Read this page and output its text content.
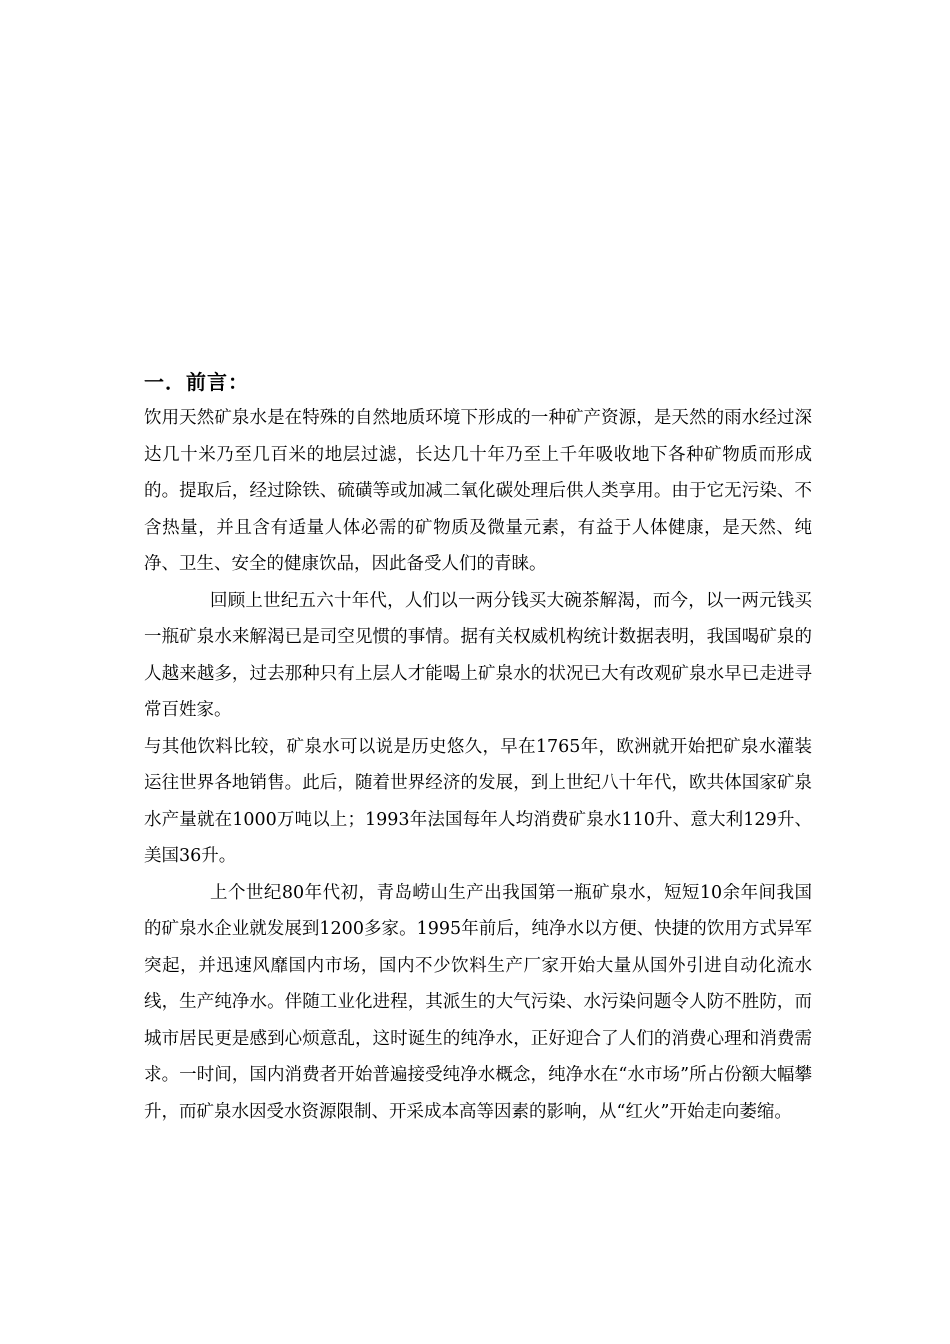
一．前言：

饮用天然矿泉水是在特殊的自然地质环境下形成的一种矿产资源，是天然的雨水经过深达几十米乃至几百米的地层过滤，长达几十年乃至上千年吸收地下各种矿物质而形成的。提取后，经过除铁、硫磺等或加减二氧化碳处理后供人类享用。由于它无污染、不含热量，并且含有适量人体必需的矿物质及微量元素，有益于人体健康，是天然、纯净、卫生、安全的健康饮品，因此备受人们的青睐。

回顾上世纪五六十年代，人们以一两分钱买大碗茶解渴，而今，以一两元钱买一瓶矿泉水来解渴已是司空见惯的事情。据有关权威机构统计数据表明，我国喝矿泉的人越来越多，过去那种只有上层人才能喝上矿泉水的状况已大有改观矿泉水早已走进寻常百姓家。

与其他饮料比较，矿泉水可以说是历史悠久，早在1765年，欧洲就开始把矿泉水灌装运往世界各地销售。此后，随着世界经济的发展，到上世纪八十年代，欧共体国家矿泉水产量就在1000万吨以上；1993年法国每年人均消费矿泉水110升、意大利129升、美国36升。

上个世纪80年代初，青岛崂山生产出我国第一瓶矿泉水，短短10余年间我国的矿泉水企业就发展到1200多家。1995年前后，纯净水以方便、快捷的饮用方式异军突起，并迅速风靡国内市场，国内不少饮料生产厂家开始大量从国外引进自动化流水线，生产纯净水。伴随工业化进程，其派生的大气污染、水污染问题令人防不胜防，而城市居民更是感到心烦意乱，这时诞生的纯净水，正好迎合了人们的消费心理和消费需求。一时间，国内消费者开始普遍接受纯净水概念，纯净水在“水市场”所占份额大幅攀升，而矿泉水因受水资源限制、开采成本高等因素的影响，从“红火”开始走向萎缩。
